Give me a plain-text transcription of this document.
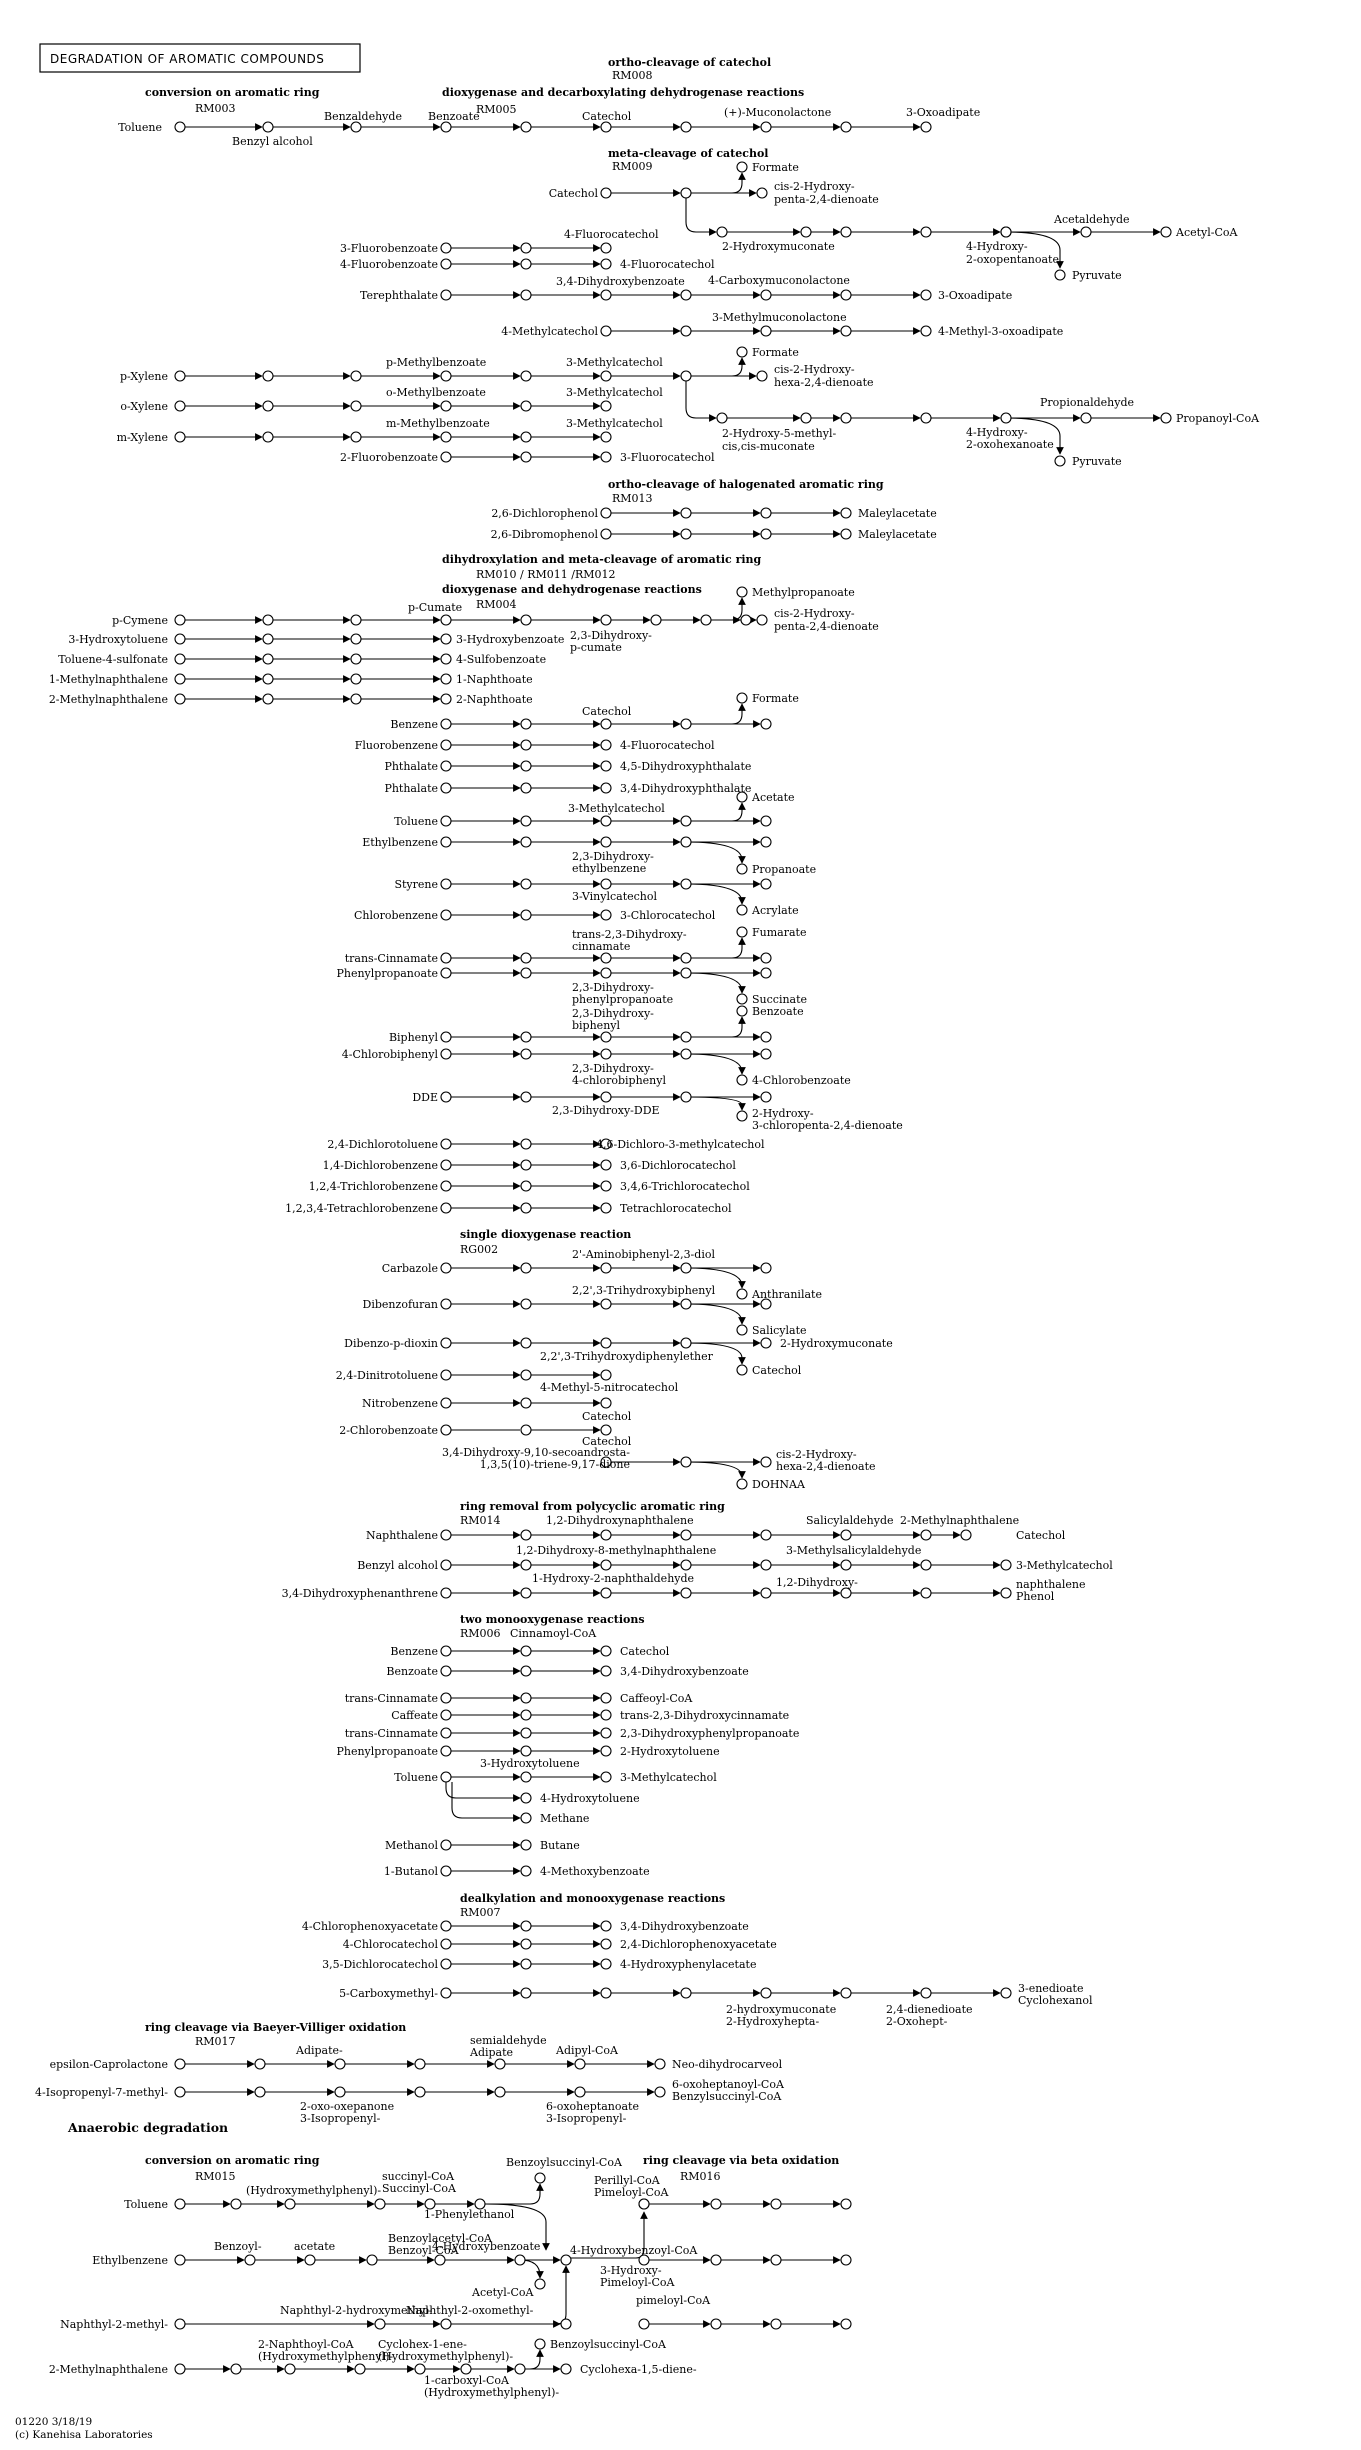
DEGRADATION OF AROMATIC COMPOUNDS
Toluene
Benzyl alcohol
Benzaldehyde Benzoate	Catechol	(+)-Muconolactone	3-Oxoadipate
Catechol
Formate
cis-2-Hydroxy-
penta-2,4-dienoate
2-Hydroxymuconate
Acetaldehyde
Acetyl-CoA
4-Hydroxy-
2-oxopentanoate
Pyruvate
3-Fluorobenzoate
4-Fluorobenzoate
4-Fluorocatechol
4-Fluorocatechol
Terephthalate
3,4-Dihydroxybenzoate 4-Carboxymuconolactone
3-Oxoadipate
4-Methylcatechol
3-Methylmuconolactone
4-Methyl-3-oxoadipate
p-Xylene
o-Xylene
m-Xylene
p-Methylbenzoate
o-Methylbenzoate
m-Methylbenzoate
3-Methylcatechol
3-Methylcatechol
3-Methylcatechol
Formate
cis-2-Hydroxy-
hexa-2,4-dienoate
2-Hydroxy-5-methyl-
cis,cis-muconate
Propionaldehyde
Propanoyl-CoA
4-Hydroxy-
2-oxohexanoate
Pyruvate
2-Fluorobenzoate	3-Fluorocatechol
2,6-Dichlorophenol
2,6-Dibromophenol
Maleylacetate
Maleylacetate
Methylpropanoate
cis-2-Hydroxy-
penta-2,4-dienoate
p-Cymene
p-Cumate
2,3-Dihydroxy-
p-cumate
3-Hydroxytoluene	3-Hydroxybenzoate
Toluene-4-sulfonate	4-Sulfobenzoate
1-Methylnaphthalene	1-Naphthoate
2-Methylnaphthalene	2-Naphthoate
Benzene
Catechol
Formate
Fluorobenzene	4-Fluorocatechol
Phthalate	4,5-Dihydroxyphthalate
Phthalate	3,4-Dihydroxyphthalate
Toluene
3-Methylcatechol
Acetate
Ethylbenzene
2,3-Dihydroxy-
ethylbenzene	Propanoate
Styrene
3-Vinylcatechol
Acrylate
Chlorobenzene	3-Chlorocatechol
trans-Cinnamate
trans-2,3-Dihydroxy-
cinnamate
Fumarate
Phenylpropanoate
2,3-Dihydroxy-
phenylpropanoate	Succinate
Biphenyl
2,3-Dihydroxy-
biphenyl
Benzoate
4-Chlorobiphenyl
2,3-Dihydroxy-
4-chlorobiphenyl	4-Chlorobenzoate
DDE
2,3-Dihydroxy-DDE	2-Hydroxy-
3-chloropenta-2,4-dienoate
2,4-Dichlorotoluene	4,6-Dichloro-3-methylcatechol
1,4-Dichlorobenzene	3,6-Dichlorocatechol
1,2,4-Trichlorobenzene	3,4,6-Trichlorocatechol
1,2,3,4-Tetrachlorobenzene	Tetrachlorocatechol
Carbazole
2'-Aminobiphenyl-2,3-diol
Anthranilate
Dibenzofuran
2,2',3-Trihydroxybiphenyl
Salicylate
Dibenzo-p-dioxin
2,2',3-Trihydroxydiphenylether
2-Hydroxymuconate
Catechol
2,4-Dinitrotoluene
4-Methyl-5-nitrocatechol
Nitrobenzene
2-Chlorobenzoate
Catechol
Catechol
3,4-Dihydroxy-9,10-secoandrosta-
1,3,5(10)-triene-9,17-dione
DOHNAA
cis-2-Hydroxy-
hexa-2,4-dienoate
Naphthalene
1,2-Dihydroxynaphthalene	Salicylaldehyde 2-Methylnaphthalene
Catechol
Benzyl alcohol
1,2-Dihydroxy-8-methylnaphthalene	3-Methylsalicylaldehyde
3-Methylcatechol
3,4-Dihydroxyphenanthrene
1-Hydroxy-2-naphthaldehyde	1,2-Dihydroxy-	naphthalene
Phenol
Cinnamoyl-CoA
Benzene	Catechol
Benzoate	3,4-Dihydroxybenzoate
trans-Cinnamate	Caffeoyl-CoA
Caffeate	trans-2,3-Dihydroxycinnamate
trans-Cinnamate	2,3-Dihydroxyphenylpropanoate
Phenylpropanoate	2-Hydroxytoluene
Toluene
3-Hydroxytoluene
3-Methylcatechol
4-Hydroxytoluene
Methane
Methanol	Butane
1-Butanol	4-Methoxybenzoate
4-Chlorophenoxyacetate	3,4-Dihydroxybenzoate
4-Chlorocatechol	2,4-Dichlorophenoxyacetate
3,5-Dichlorocatechol	4-Hydroxyphenylacetate
5-Carboxymethyl-
2-hydroxymuconate
2-Hydroxyhepta-
2,4-dienedioate
2-Oxohept-
3-enedioate
Cyclohexanol
epsilon-Caprolactone
Adipate-
semialdehyde
Adipate	Adipyl-CoA
Neo-dihydrocarveol
4-Isopropenyl-7-methyl-
2-oxo-oxepanone
3-Isopropenyl-
6-oxoheptanoate
3-Isopropenyl-
6-oxoheptanoyl-CoA
Benzylsuccinyl-CoA
Toluene
(Hydroxymethylphenyl)-
succinyl-CoA
Succinyl-CoA
1-Phenylethanol
Benzoylsuccinyl-CoA
Ethylbenzene
Benzoyl-	acetate
Benzoylacetyl-CoA
Benzoyl-CoA
4-Hydroxybenzoate	4-Hydroxybenzoyl-CoA
Acetyl-CoA
Naphthyl-2-methyl-
Naphthyl-2-hydroxymethyl-
Naphthyl-2-oxomethyl-
2-Methylnaphthalene
2-Naphthoyl-CoA
(Hydroxymethylphenyl)-
Cyclohex-1-ene-
(Hydroxymethylphenyl)-
1-carboxyl-CoA
(Hydroxymethylphenyl)-
Cyclohexa-1,5-diene-
Benzoylsuccinyl-CoA
Perillyl-CoA
Pimeloyl-CoA
3-Hydroxy-
Pimeloyl-CoA
pimeloyl-CoA
conversion on aromatic ring
ortho-cleavage of catechol
dioxygenase and decarboxylating dehydrogenase reactions
meta-cleavage of catechol
ortho-cleavage of halogenated aromatic ring
dihydroxylation and meta-cleavage of aromatic ring
dioxygenase and dehydrogenase reactions
single dioxygenase reaction
ring removal from polycyclic aromatic ring
two monooxygenase reactions
dealkylation and monooxygenase reactions
ring cleavage via Baeyer-Villiger oxidation
Anaerobic degradation
conversion on aromatic ring	ring cleavage via beta oxidation
RM003
RM008
RM005
RM009
RM013
RM010 / RM011 /RM012
RM004
RG002
RM014
RM006
RM007
RM017
RM015	RM016
01220 3/18/19
(c) Kanehisa Laboratories
